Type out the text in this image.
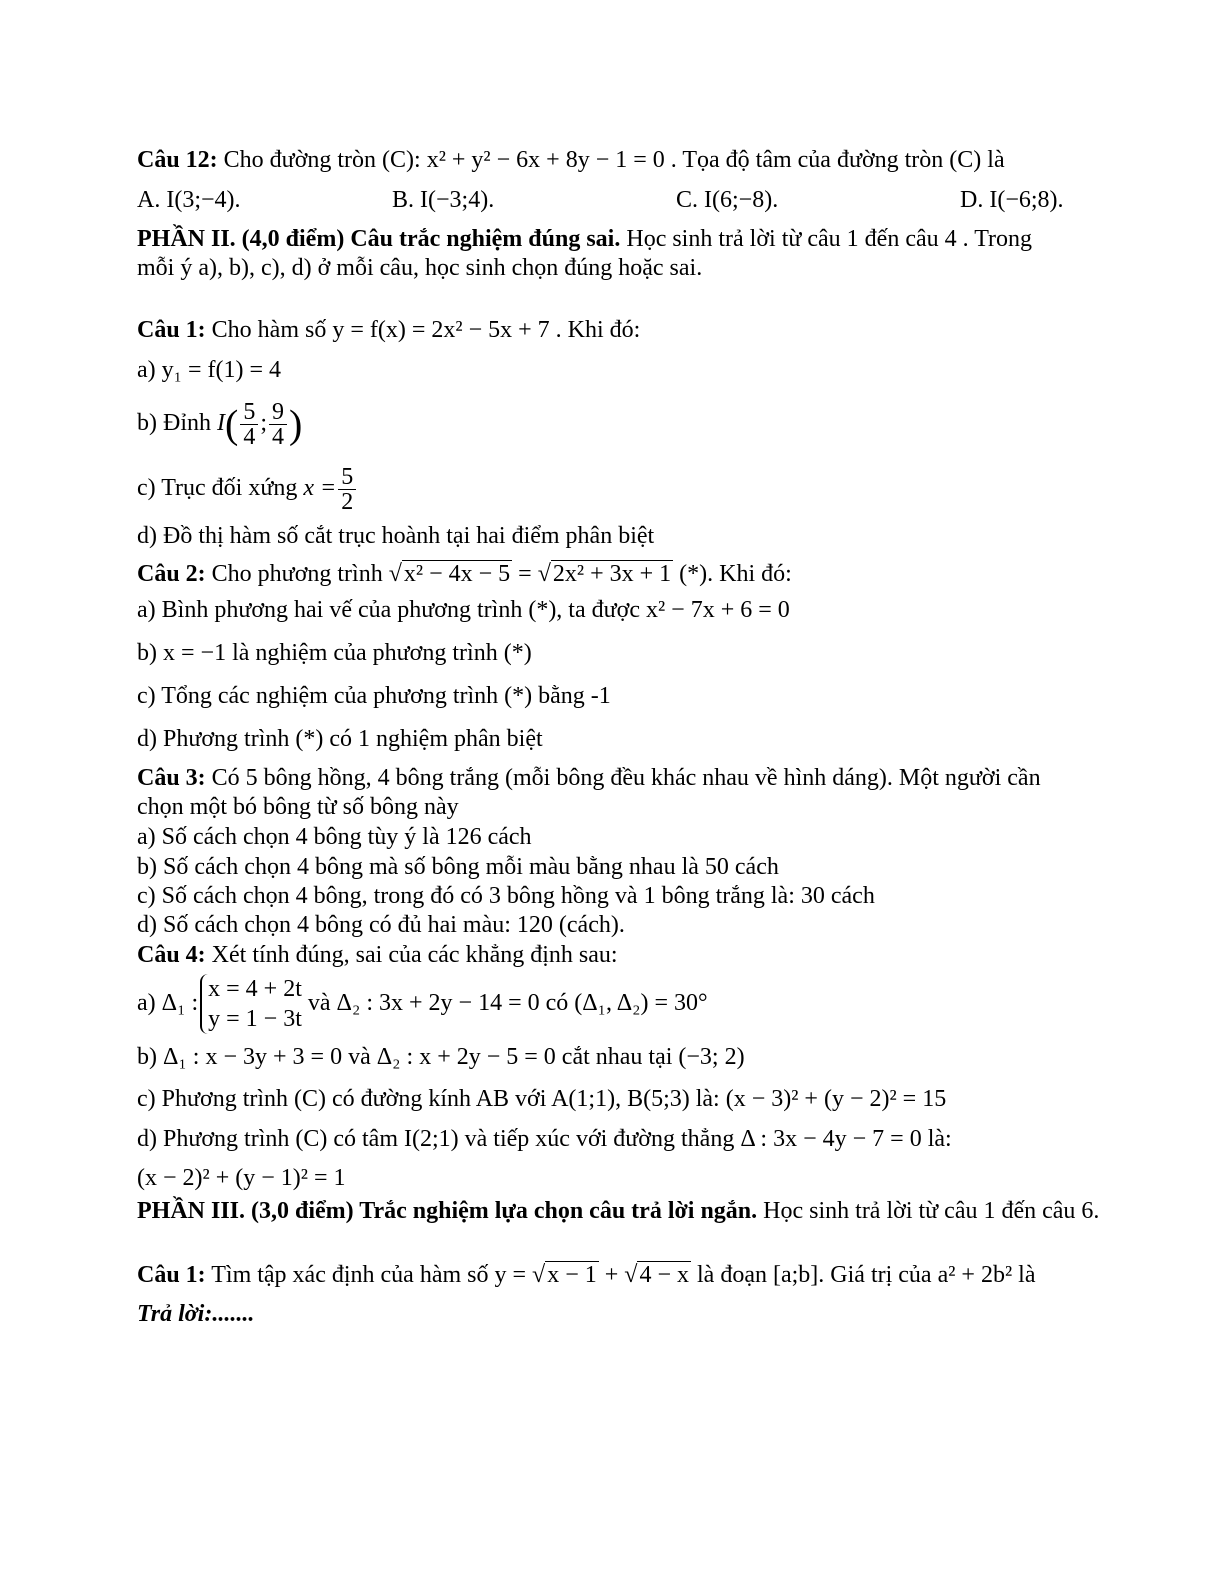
Câu 12: Cho đường tròn (C): x² + y² − 6x + 8y − 1 = 0 . Tọa độ tâm của đường tròn (C) là
A. I(3;−4).	B. I(−3;4).	C. I(6;−8).	D. I(−6;8).
PHẦN II. (4,0 điểm) Câu trắc nghiệm đúng sai. Học sinh trả lời từ câu 1 đến câu 4 . Trong
mỗi ý a), b), c), d) ở mỗi câu, học sinh chọn đúng hoặc sai.
Câu 1: Cho hàm số y = f(x) = 2x² − 5x + 7 . Khi đó:
a) y₁ = f(1) = 4
b) Đỉnh $I( \frac{5}{4}$ ; $\frac{9}{4}$ )
c) Trục đối xứng $x = \frac{5}{2}$
d) Đồ thị hàm số cắt trục hoành tại hai điểm phân biệt
Câu 2: Cho phương trình √x² − 4x − 5 = √2x² + 3x + 1 (*). Khi đó:
a) Bình phương hai vế của phương trình (*), ta được x² − 7x + 6 = 0
b) x = −1 là nghiệm của phương trình (*)
c) Tổng các nghiệm của phương trình (*) bằng -1
d) Phương trình (*) có 1 nghiệm phân biệt
Câu 3: Có 5 bông hồng, 4 bông trắng (mỗi bông đều khác nhau về hình dáng). Một người cần
chọn một bó bông từ số bông này
a) Số cách chọn 4 bông tùy ý là 126 cách
b) Số cách chọn 4 bông mà số bông mỗi màu bằng nhau là 50 cách
c) Số cách chọn 4 bông, trong đó có 3 bông hồng và 1 bông trắng là: 30 cách
d) Số cách chọn 4 bông có đủ hai màu: 120 (cách).
Câu 4: Xét tính đúng, sai của các khẳng định sau:
a) Δ₁ :
x = 4 + 2t
y = 1 − 3t
và Δ₂ : 3x + 2y − 14 = 0 có (Δ₁, Δ₂) = 30°
b) Δ₁ : x − 3y + 3 = 0 và Δ₂ : x + 2y − 5 = 0 cắt nhau tại (−3; 2)
c) Phương trình (C) có đường kính AB với A(1;1), B(5;3) là: (x − 3)² + (y − 2)² = 15
d) Phương trình (C) có tâm I(2;1) và tiếp xúc với đường thẳng Δ : 3x − 4y − 7 = 0 là:
(x − 2)² + (y − 1)² = 1
PHẦN III. (3,0 điểm) Trắc nghiệm lựa chọn câu trả lời ngắn. Học sinh trả lời từ câu 1 đến câu 6.
Câu 1: Tìm tập xác định của hàm số y = √x − 1 + √4 − x là đoạn [a;b]. Giá trị của a² + 2b² là
Trả lời:.......
